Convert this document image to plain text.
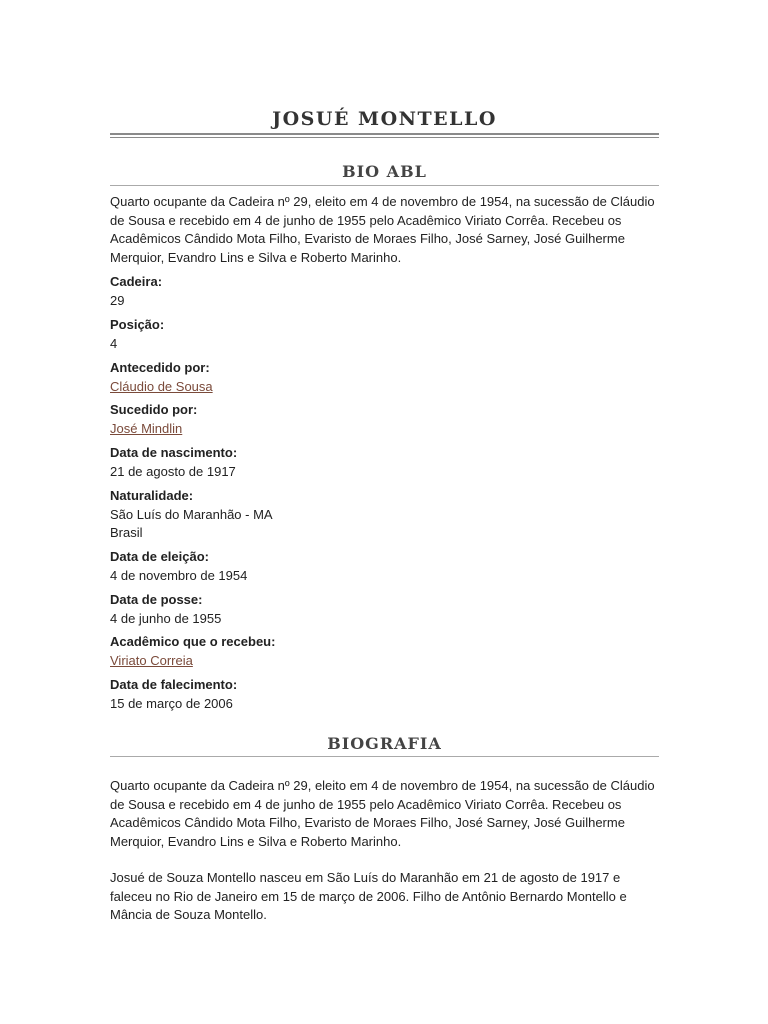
JOSUÉ MONTELLO
BIO ABL

Quarto ocupante da Cadeira nº 29, eleito em 4 de novembro de 1954, na sucessão de Cláudio de Sousa e recebido em 4 de junho de 1955 pelo Acadêmico Viriato Corrêa. Recebeu os Acadêmicos Cândido Mota Filho, Evaristo de Moraes Filho, José Sarney, José Guilherme Merquior, Evandro Lins e Silva e Roberto Marinho.

Cadeira:
29
Posição:
4
Antecedido por:
Cláudio de Sousa
Sucedido por:
José Mindlin
Data de nascimento:
21 de agosto de 1917
Naturalidade:
São Luís do Maranhão - MA
Brasil
Data de eleição:
4 de novembro de 1954
Data de posse:
4 de junho de 1955
Acadêmico que o recebeu:
Viriato Correia
Data de falecimento:
15 de março de 2006
BIOGRAFIA

Quarto ocupante da Cadeira nº 29, eleito em 4 de novembro de 1954, na sucessão de Cláudio de Sousa e recebido em 4 de junho de 1955 pelo Acadêmico Viriato Corrêa. Recebeu os Acadêmicos Cândido Mota Filho, Evaristo de Moraes Filho, José Sarney, José Guilherme Merquior, Evandro Lins e Silva e Roberto Marinho.

Josué de Souza Montello nasceu em São Luís do Maranhão em 21 de agosto de 1917 e faleceu no Rio de Janeiro em 15 de março de 2006. Filho de Antônio Bernardo Montello e Mância de Souza Montello.
